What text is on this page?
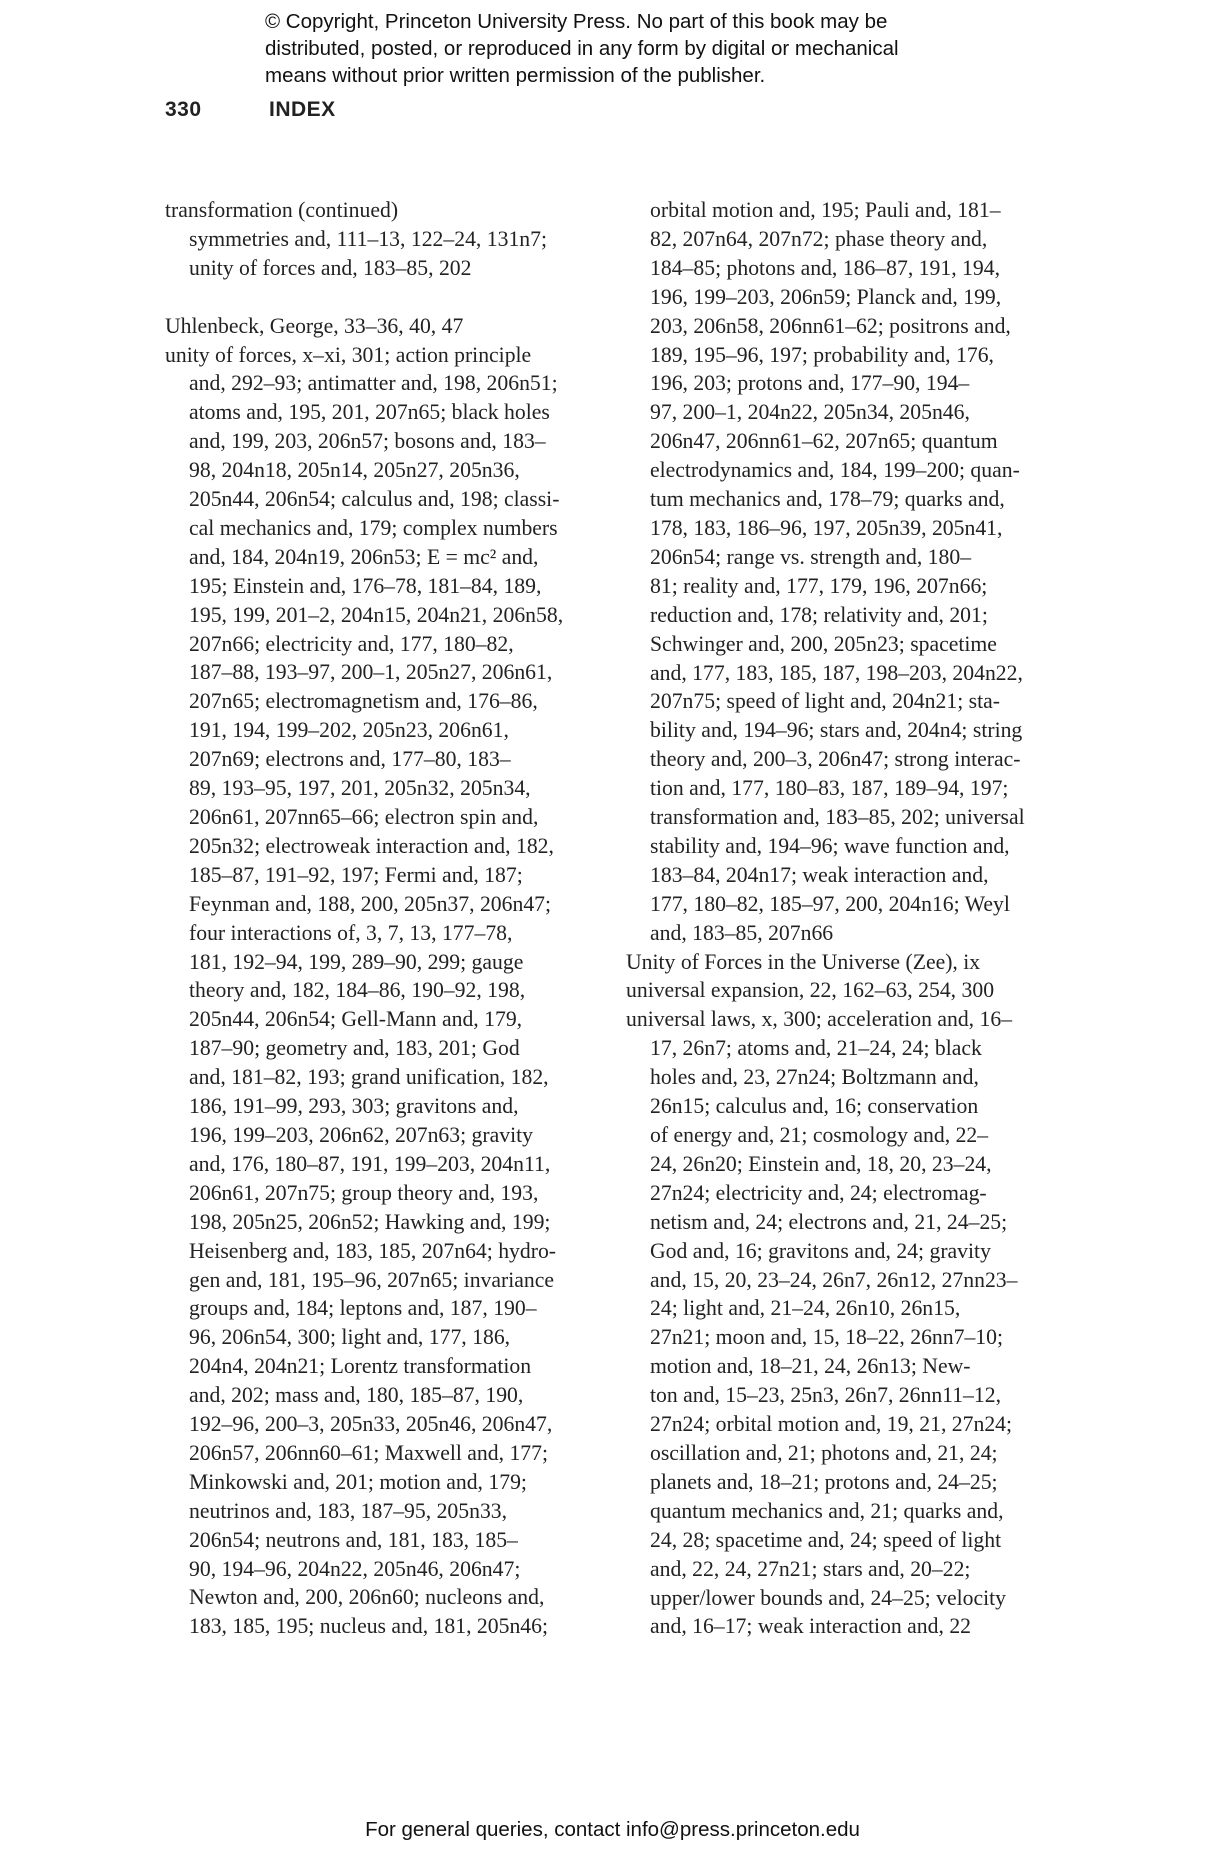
© Copyright, Princeton University Press. No part of this book may be
distributed, posted, or reproduced in any form by digital or mechanical
means without prior written permission of the publisher.
330	INDEX
transformation (continued)
symmetries and, 111–13, 122–24, 131n7;
unity of forces and, 183–85, 202
Uhlenbeck, George, 33–36, 40, 47
unity of forces, x–xi, 301; action principle
and, 292–93; antimatter and, 198, 206n51;
atoms and, 195, 201, 207n65; black holes
and, 199, 203, 206n57; bosons and, 183–
98, 204n18, 205n14, 205n27, 205n36,
205n44, 206n54; calculus and, 198; classi-
cal mechanics and, 179; complex numbers
and, 184, 204n19, 206n53; E = mc² and,
195; Einstein and, 176–78, 181–84, 189,
195, 199, 201–2, 204n15, 204n21, 206n58,
207n66; electricity and, 177, 180–82,
187–88, 193–97, 200–1, 205n27, 206n61,
207n65; electromagnetism and, 176–86,
191, 194, 199–202, 205n23, 206n61,
207n69; electrons and, 177–80, 183–
89, 193–95, 197, 201, 205n32, 205n34,
206n61, 207nn65–66; electron spin and,
205n32; electroweak interaction and, 182,
185–87, 191–92, 197; Fermi and, 187;
Feynman and, 188, 200, 205n37, 206n47;
four interactions of, 3, 7, 13, 177–78,
181, 192–94, 199, 289–90, 299; gauge
theory and, 182, 184–86, 190–92, 198,
205n44, 206n54; Gell-Mann and, 179,
187–90; geometry and, 183, 201; God
and, 181–82, 193; grand unification, 182,
186, 191–99, 293, 303; gravitons and,
196, 199–203, 206n62, 207n63; gravity
and, 176, 180–87, 191, 199–203, 204n11,
206n61, 207n75; group theory and, 193,
198, 205n25, 206n52; Hawking and, 199;
Heisenberg and, 183, 185, 207n64; hydro-
gen and, 181, 195–96, 207n65; invariance
groups and, 184; leptons and, 187, 190–
96, 206n54, 300; light and, 177, 186,
204n4, 204n21; Lorentz transformation
and, 202; mass and, 180, 185–87, 190,
192–96, 200–3, 205n33, 205n46, 206n47,
206n57, 206nn60–61; Maxwell and, 177;
Minkowski and, 201; motion and, 179;
neutrinos and, 183, 187–95, 205n33,
206n54; neutrons and, 181, 183, 185–
90, 194–96, 204n22, 205n46, 206n47;
Newton and, 200, 206n60; nucleons and,
183, 185, 195; nucleus and, 181, 205n46;
orbital motion and, 195; Pauli and, 181–
82, 207n64, 207n72; phase theory and,
184–85; photons and, 186–87, 191, 194,
196, 199–203, 206n59; Planck and, 199,
203, 206n58, 206nn61–62; positrons and,
189, 195–96, 197; probability and, 176,
196, 203; protons and, 177–90, 194–
97, 200–1, 204n22, 205n34, 205n46,
206n47, 206nn61–62, 207n65; quantum
electrodynamics and, 184, 199–200; quan-
tum mechanics and, 178–79; quarks and,
178, 183, 186–96, 197, 205n39, 205n41,
206n54; range vs. strength and, 180–
81; reality and, 177, 179, 196, 207n66;
reduction and, 178; relativity and, 201;
Schwinger and, 200, 205n23; spacetime
and, 177, 183, 185, 187, 198–203, 204n22,
207n75; speed of light and, 204n21; sta-
bility and, 194–96; stars and, 204n4; string
theory and, 200–3, 206n47; strong interac-
tion and, 177, 180–83, 187, 189–94, 197;
transformation and, 183–85, 202; universal
stability and, 194–96; wave function and,
183–84, 204n17; weak interaction and,
177, 180–82, 185–97, 200, 204n16; Weyl
and, 183–85, 207n66
Unity of Forces in the Universe (Zee), ix
universal expansion, 22, 162–63, 254, 300
universal laws, x, 300; acceleration and, 16–
17, 26n7; atoms and, 21–24, 24; black
holes and, 23, 27n24; Boltzmann and,
26n15; calculus and, 16; conservation
of energy and, 21; cosmology and, 22–
24, 26n20; Einstein and, 18, 20, 23–24,
27n24; electricity and, 24; electromag-
netism and, 24; electrons and, 21, 24–25;
God and, 16; gravitons and, 24; gravity
and, 15, 20, 23–24, 26n7, 26n12, 27nn23–
24; light and, 21–24, 26n10, 26n15,
27n21; moon and, 15, 18–22, 26nn7–10;
motion and, 18–21, 24, 26n13; New-
ton and, 15–23, 25n3, 26n7, 26nn11–12,
27n24; orbital motion and, 19, 21, 27n24;
oscillation and, 21; photons and, 21, 24;
planets and, 18–21; protons and, 24–25;
quantum mechanics and, 21; quarks and,
24, 28; spacetime and, 24; speed of light
and, 22, 24, 27n21; stars and, 20–22;
upper/lower bounds and, 24–25; velocity
and, 16–17; weak interaction and, 22
For general queries, contact info@press.princeton.edu
